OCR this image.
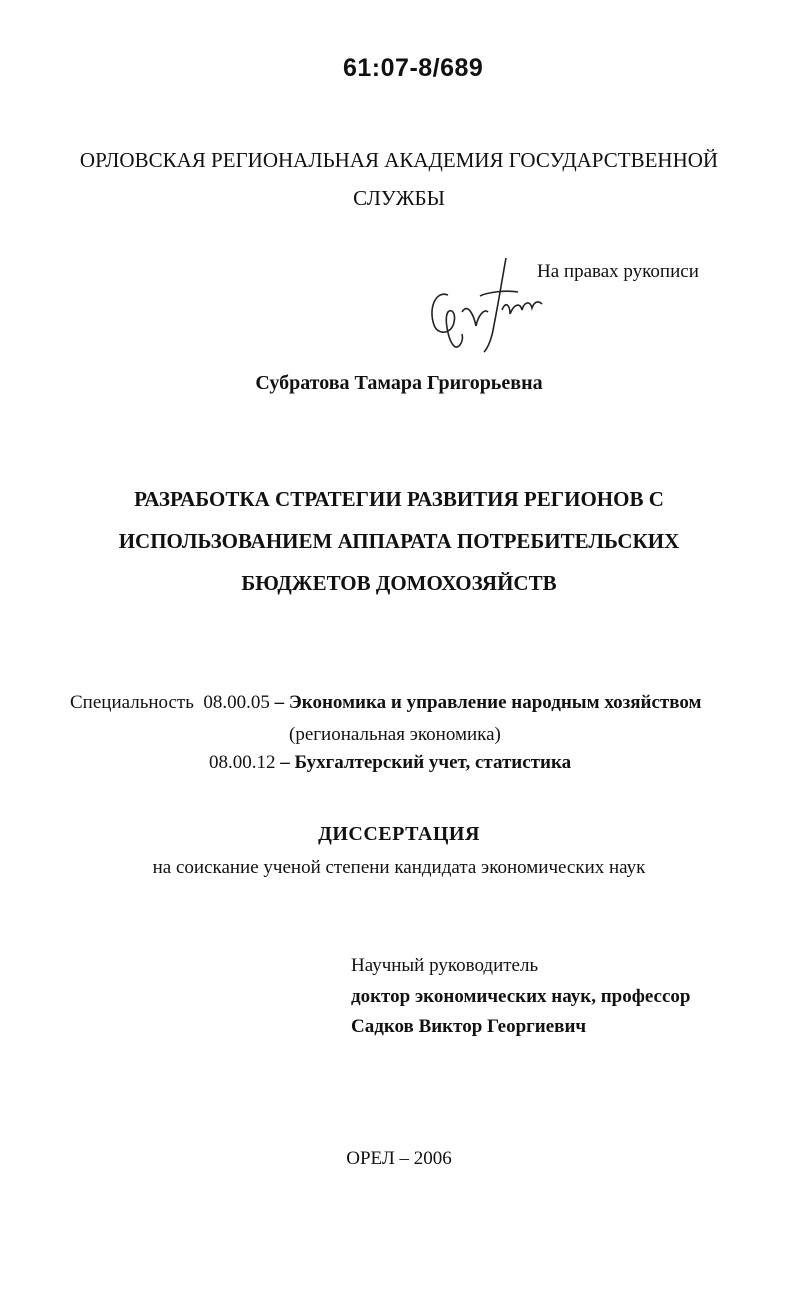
61:07-8/689
ОРЛОВСКАЯ РЕГИОНАЛЬНАЯ АКАДЕМИЯ ГОСУДАРСТВЕННОЙ
СЛУЖБЫ
На правах рукописи
Субратова Тамара Григорьевна
РАЗРАБОТКА СТРАТЕГИИ РАЗВИТИЯ РЕГИОНОВ С
ИСПОЛЬЗОВАНИЕМ АППАРАТА ПОТРЕБИТЕЛЬСКИХ
БЮДЖЕТОВ ДОМОХОЗЯЙСТВ
Специальность 08.00.05 – Экономика и управление народным хозяйством
(региональная экономика)
08.00.12 – Бухгалтерский учет, статистика
ДИССЕРТАЦИЯ
на соискание ученой степени кандидата экономических наук
Научный руководитель
доктор экономических наук, профессор
Садков Виктор Георгиевич
ОРЕЛ – 2006
